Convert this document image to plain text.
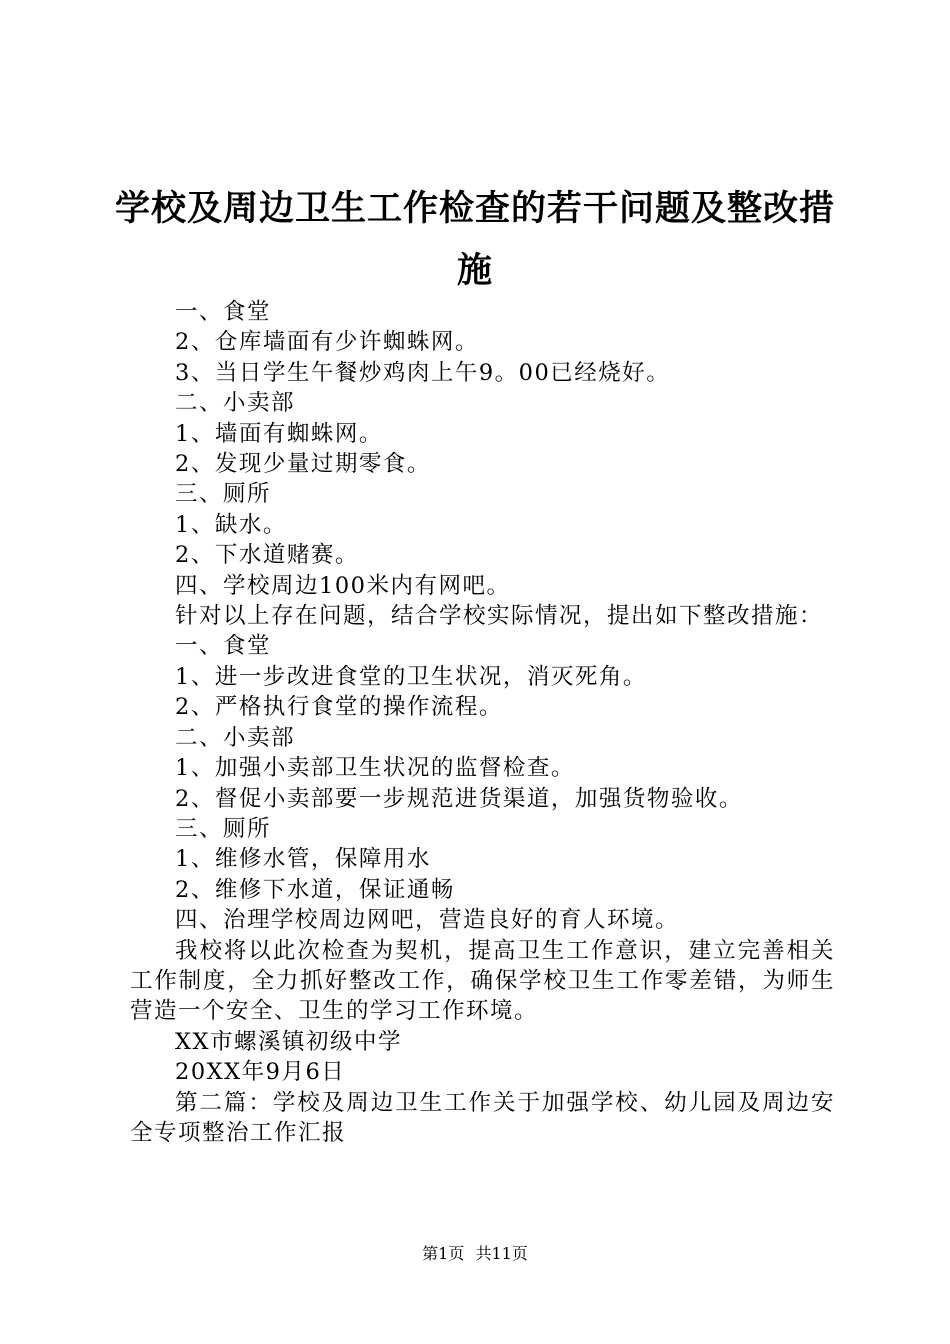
学校及周边卫生工作检查的若干问题及整改措施

一、食堂

2、仓库墙面有少许蜘蛛网。

3、当日学生午餐炒鸡肉上午9。00已经烧好。

二、小卖部

1、墙面有蜘蛛网。

2、发现少量过期零食。

三、厕所

1、缺水。

2、下水道赌赛。

四、学校周边100米内有网吧。

针对以上存在问题，结合学校实际情况，提出如下整改措施：

一、食堂

1、进一步改进食堂的卫生状况，消灭死角。

2、严格执行食堂的操作流程。

二、小卖部

1、加强小卖部卫生状况的监督检查。

2、督促小卖部要一步规范进货渠道，加强货物验收。

三、厕所

1、维修水管，保障用水

2、维修下水道，保证通畅

四、治理学校周边网吧，营造良好的育人环境。

我校将以此次检查为契机，提高卫生工作意识，建立完善相关工作制度，全力抓好整改工作，确保学校卫生工作零差错，为师生营造一个安全、卫生的学习工作环境。

XX市螺溪镇初级中学

20XX年9月6日

第二篇：学校及周边卫生工作关于加强学校、幼儿园及周边安全专项整治工作汇报

第1页 共11页
